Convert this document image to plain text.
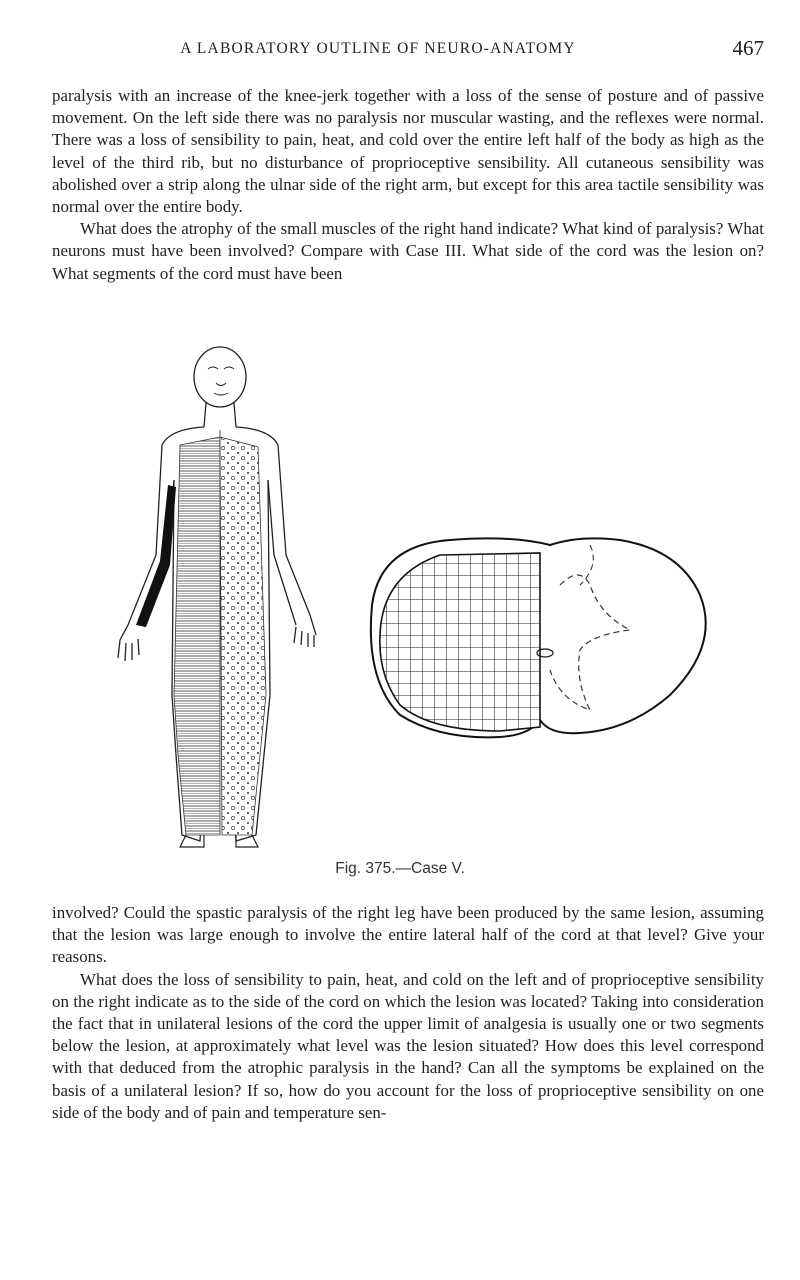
A LABORATORY OUTLINE OF NEURO-ANATOMY	467

paralysis with an increase of the knee-jerk together with a loss of the sense of posture and of passive movement. On the left side there was no paralysis nor muscular wasting, and the reflexes were normal. There was a loss of sensibility to pain, heat, and cold over the entire left half of the body as high as the level of the third rib, but no disturbance of proprioceptive sensibility. All cutaneous sensibility was abolished over a strip along the ulnar side of the right arm, but except for this area tactile sensibility was normal over the entire body.

What does the atrophy of the small muscles of the right hand indicate? What kind of paralysis? What neurons must have been involved? Compare with Case III. What side of the cord was the lesion on? What segments of the cord must have been

Fig. 375.—Case V.

involved? Could the spastic paralysis of the right leg have been produced by the same lesion, assuming that the lesion was large enough to involve the entire lateral half of the cord at that level? Give your reasons.

What does the loss of sensibility to pain, heat, and cold on the left and of proprioceptive sensibility on the right indicate as to the side of the cord on which the lesion was located? Taking into consideration the fact that in unilateral lesions of the cord the upper limit of analgesia is usually one or two segments below the lesion, at approximately what level was the lesion situated? How does this level correspond with that deduced from the atrophic paralysis in the hand? Can all the symptoms be explained on the basis of a unilateral lesion? If so, how do you account for the loss of proprioceptive sensibility on one side of the body and of pain and temperature sen-
